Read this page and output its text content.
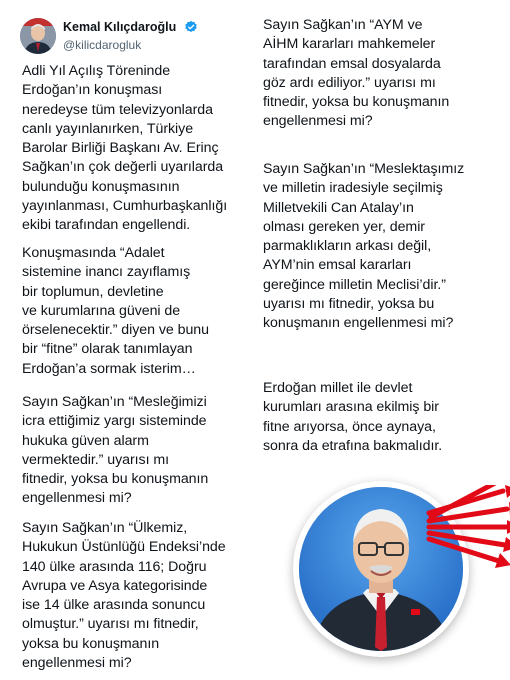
Kemal Kılıçdaroğlu
@kilicdarogluk

Adli Yıl Açılış Töreninde
Erdoğan’ın konuşması
neredeyse tüm televizyonlarda
canlı yayınlanırken, Türkiye
Barolar Birliği Başkanı Av. Erinç
Sağkan’ın çok değerli uyarılarda
bulunduğu konuşmasının
yayınlanması, Cumhurbaşkanlığı
ekibi tarafından engellendi.

Konuşmasında “Adalet
sistemine inancı zayıflamış
bir toplumun, devletine
ve kurumlarına güveni de
örselenecektir.” diyen ve bunu
bir “fitne” olarak tanımlayan
Erdoğan’a sormak isterim…

Sayın Sağkan’ın “Mesleğimizi
icra ettiğimiz yargı sisteminde
hukuka güven alarm
vermektedir.” uyarısı mı
fitnedir, yoksa bu konuşmanın
engellenmesi mi?

Sayın Sağkan’ın “Ülkemiz,
Hukukun Üstünlüğü Endeksi’nde
140 ülke arasında 116; Doğru
Avrupa ve Asya kategorisinde
ise 14 ülke arasında sonuncu
olmuştur.” uyarısı mı fitnedir,
yoksa bu konuşmanın
engellenmesi mi?

Sayın Sağkan’ın “AYM ve
AİHM kararları mahkemeler
tarafından emsal dosyalarda
göz ardı ediliyor.” uyarısı mı
fitnedir, yoksa bu konuşmanın
engellenmesi mi?

Sayın Sağkan’ın “Meslektaşımız
ve milletin iradesiyle seçilmiş
Milletvekili Can Atalay’ın
olması gereken yer, demir
parmaklıkların arkası değil,
AYM’nin emsal kararları
gereğince milletin Meclisi’dir.”
uyarısı mı fitnedir, yoksa bu
konuşmanın engellenmesi mi?

Erdoğan millet ile devlet
kurumları arasına ekilmiş bir
fitne arıyorsa, önce aynaya,
sonra da etrafına bakmalıdır.
